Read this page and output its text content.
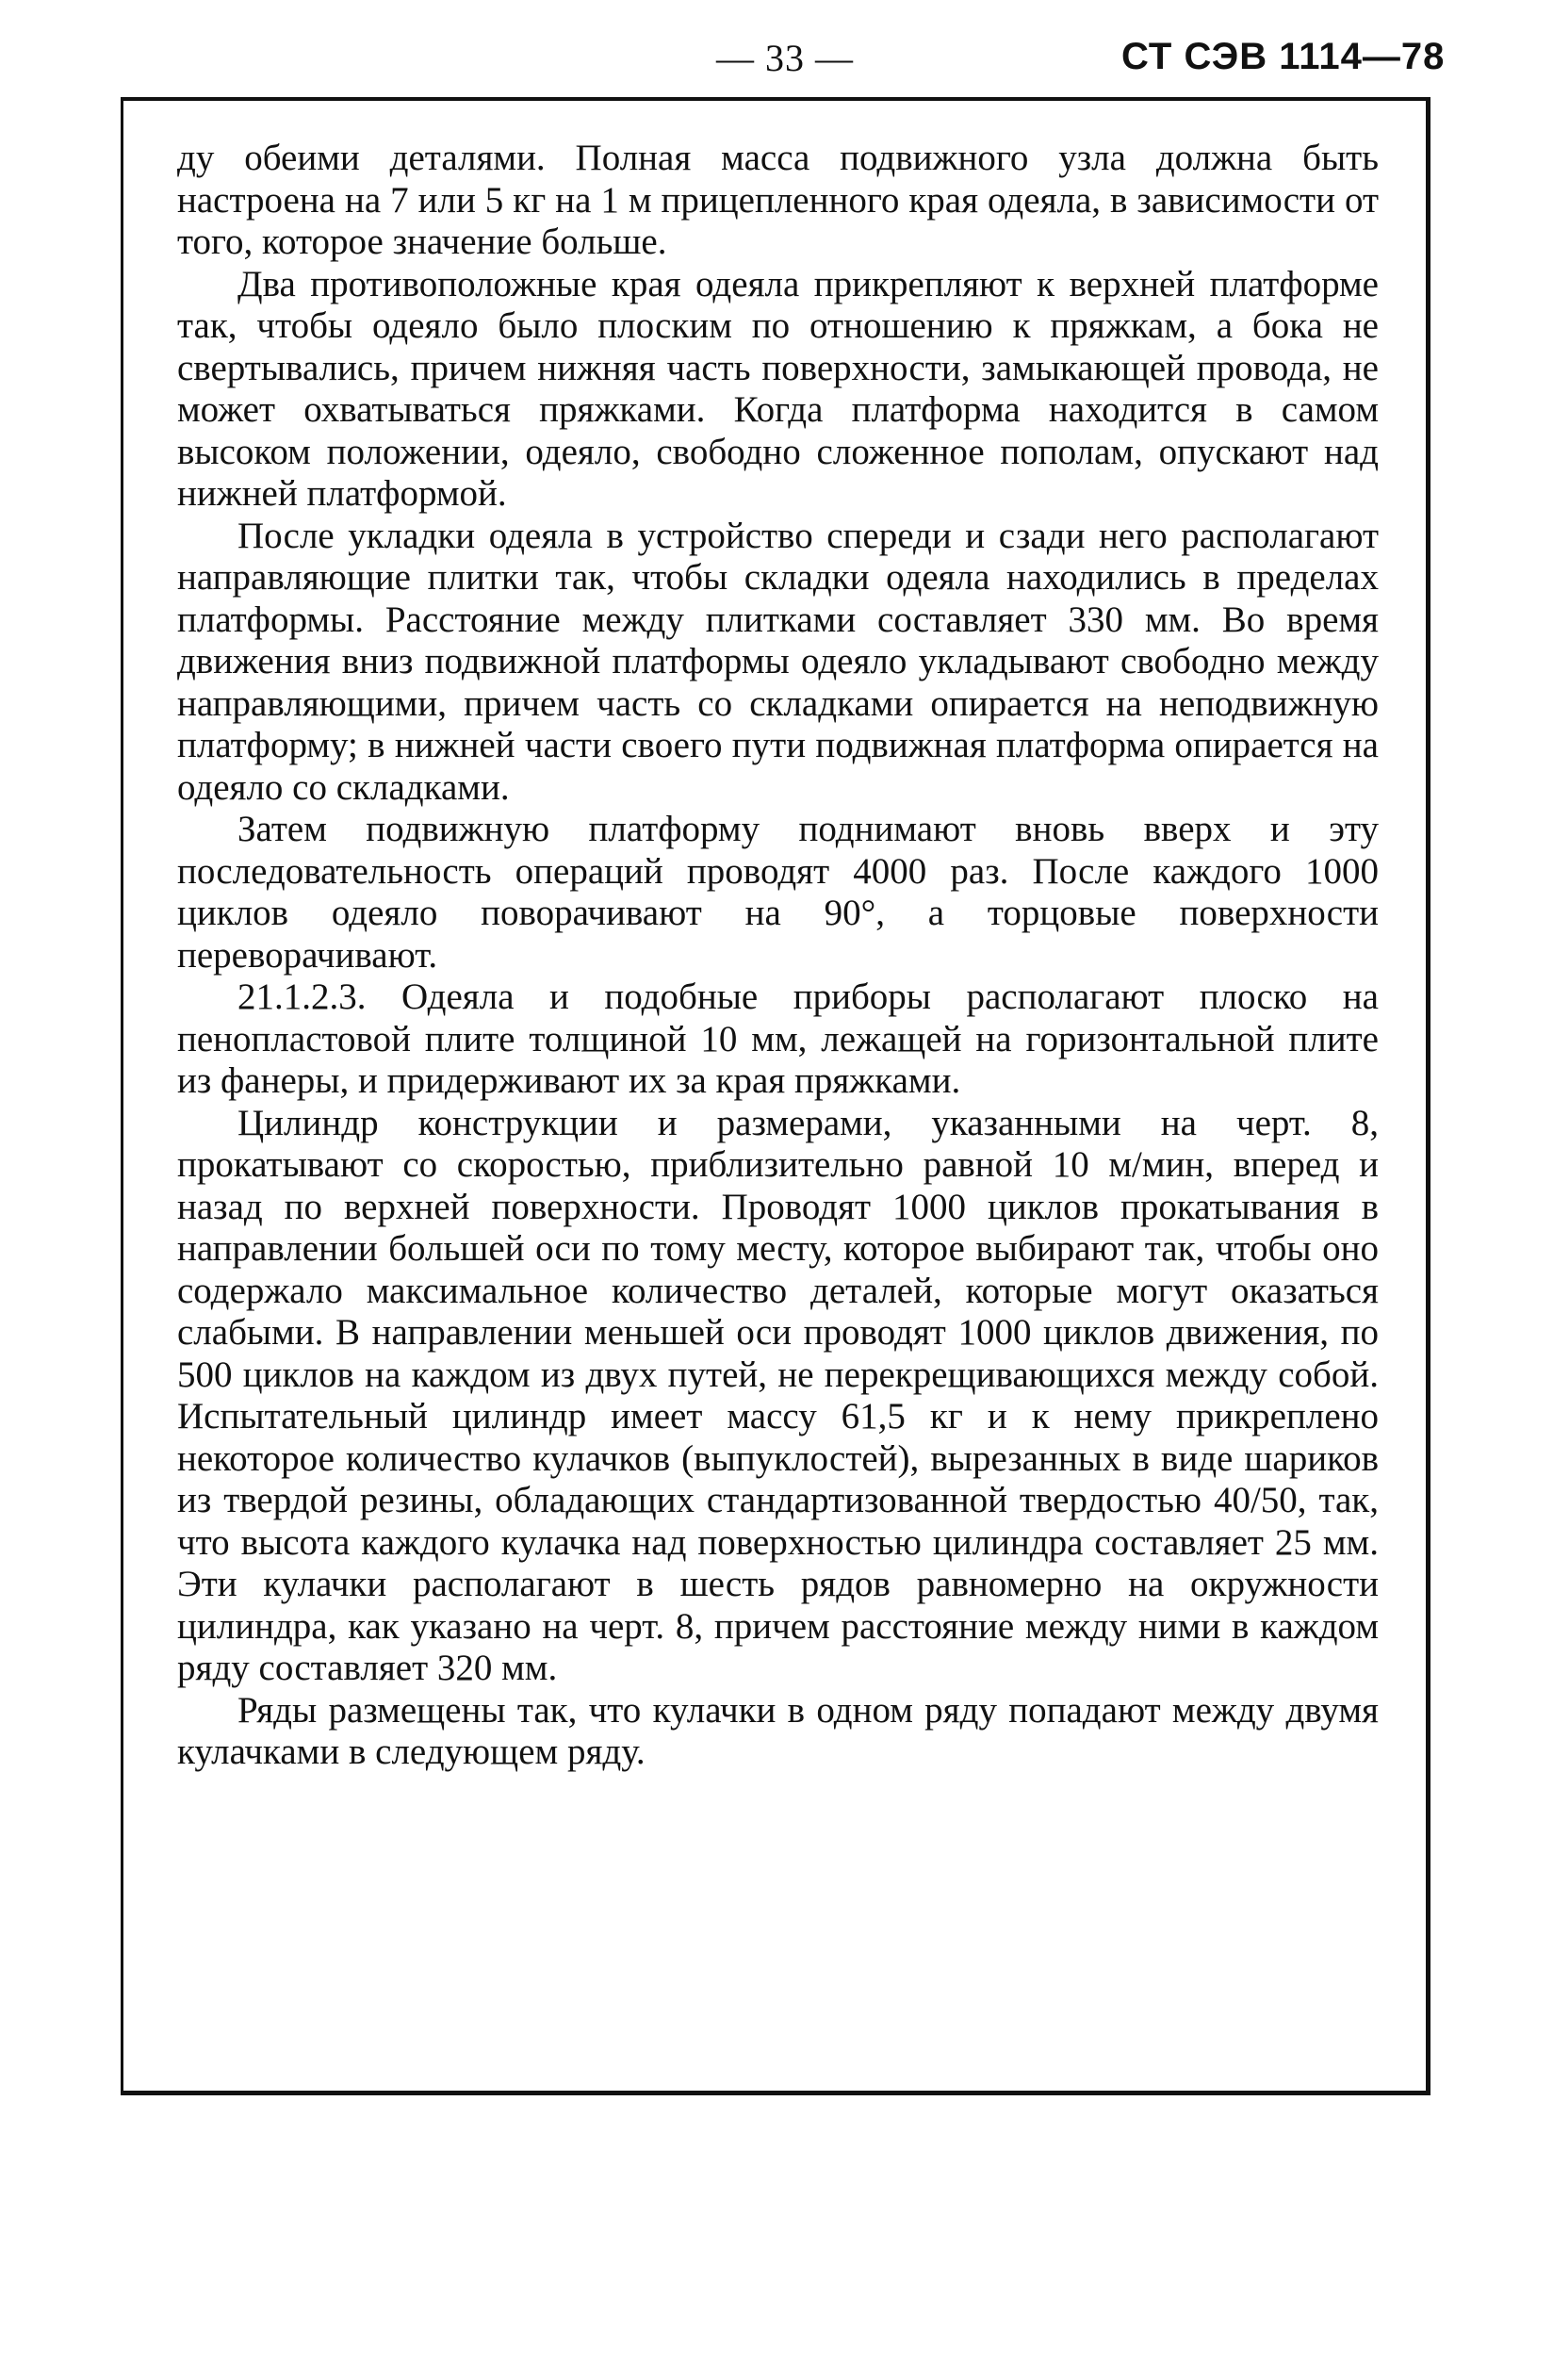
— 33 —	СТ СЭВ 1114—78

ду обеими деталями. Полная масса подвижного узла должна быть настроена на 7 или 5 кг на 1 м прицепленного края одеяла, в зависимости от того, которое значение больше.

Два противоположные края одеяла прикрепляют к верхней платформе так, чтобы одеяло было плоским по отношению к пряжкам, а бока не свертывались, причем нижняя часть поверхности, замыкающей провода, не может охватываться пряжками. Когда платформа находится в самом высоком положении, одеяло, свободно сложенное пополам, опускают над нижней платформой.

После укладки одеяла в устройство спереди и сзади него располагают направляющие плитки так, чтобы складки одеяла находились в пределах платформы. Расстояние между плитками составляет 330 мм. Во время движения вниз подвижной платформы одеяло укладывают свободно между направляющими, причем часть со складками опирается на неподвижную платформу; в нижней части своего пути подвижная платформа опирается на одеяло со складками.

Затем подвижную платформу поднимают вновь вверх и эту последовательность операций проводят 4000 раз. После каждого 1000 циклов одеяло поворачивают на 90°, а торцовые поверхности переворачивают.

21.1.2.3. Одеяла и подобные приборы располагают плоско на пенопластовой плите толщиной 10 мм, лежащей на горизонтальной плите из фанеры, и придерживают их за края пряжками.

Цилиндр конструкции и размерами, указанными на черт. 8, прокатывают со скоростью, приблизительно равной 10 м/мин, вперед и назад по верхней поверхности. Проводят 1000 циклов прокатывания в направлении большей оси по тому месту, которое выбирают так, чтобы оно содержало максимальное количество деталей, которые могут оказаться слабыми. В направлении меньшей оси проводят 1000 циклов движения, по 500 циклов на каждом из двух путей, не перекрещивающихся между собой. Испытательный цилиндр имеет массу 61,5 кг и к нему прикреплено некоторое количество кулачков (выпуклостей), вырезанных в виде шариков из твердой резины, обладающих стандартизованной твердостью 40/50, так, что высота каждого кулачка над поверхностью цилиндра составляет 25 мм. Эти кулачки располагают в шесть рядов равномерно на окружности цилиндра, как указано на черт. 8, причем расстояние между ними в каждом ряду составляет 320 мм.

Ряды размещены так, что кулачки в одном ряду попадают между двумя кулачками в следующем ряду.
